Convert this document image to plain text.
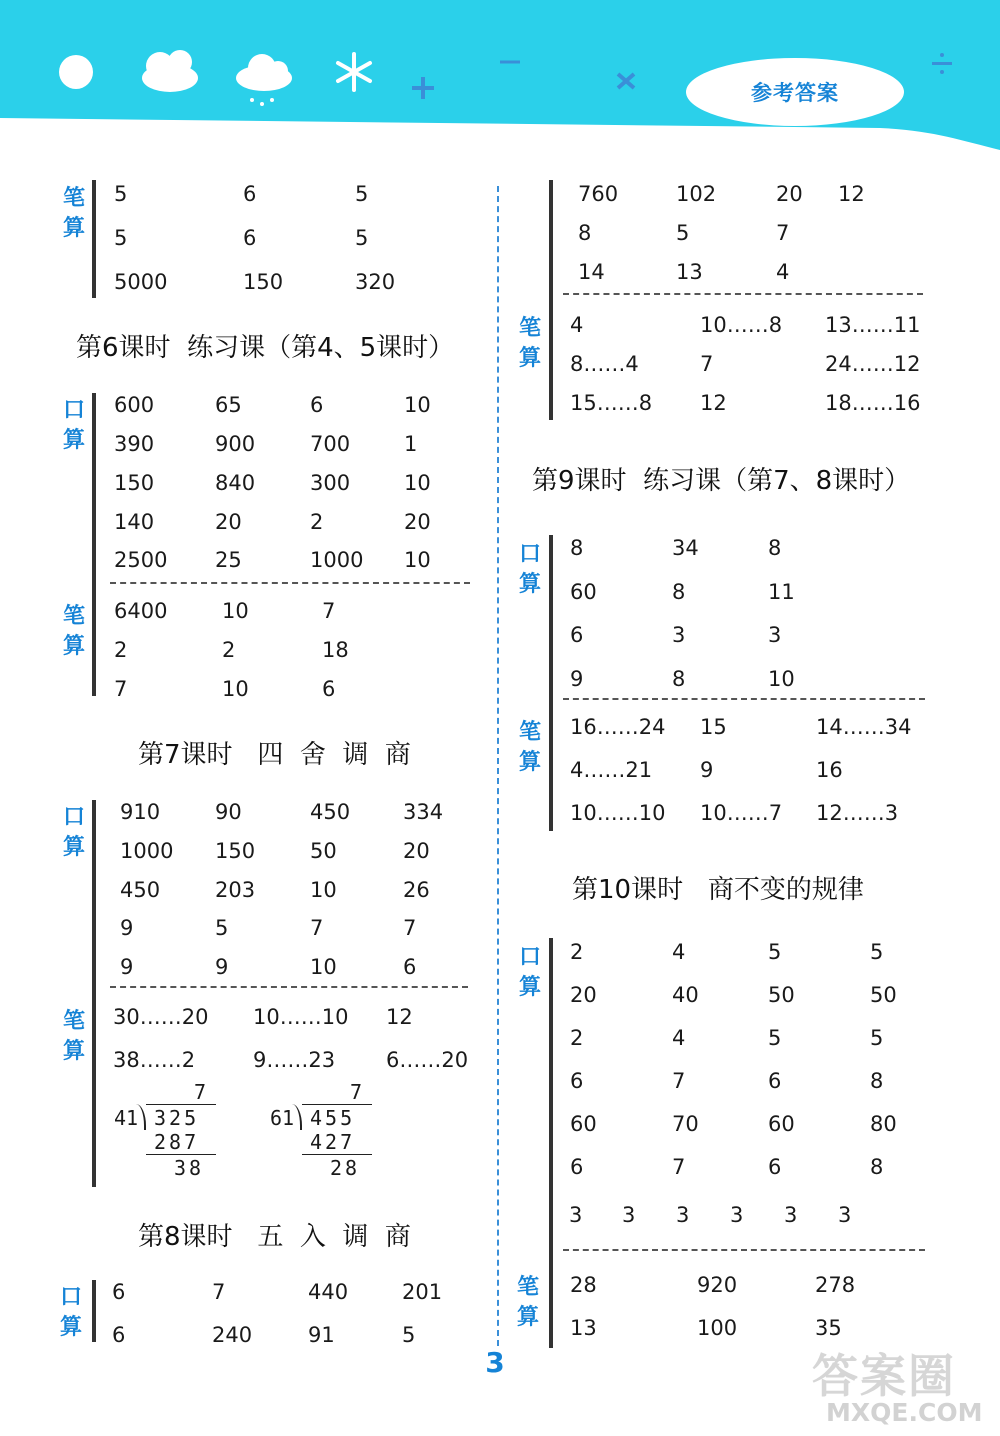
参考答案
3	答案圈
MXQE.COM
笔算
5	6	5
5	6	5
5000	150	320
第6课时  练习课（第4、5课时）
口算
笔算
600	65	6	10
390	900	700	1
150	840	300	10
140	20	2	20
2500 25	1000 10
6400	10	7
2	2	18
7	10	6
第7课时   四  舍  调  商
口算
笔算
910	90	450	334
1000 150	50	20
450	203	10	26
9	5	7	7
9	9	10	6
30……20 10……10 12
38……2	9……23 6……20
7
41 325
287
38
7
61 455
427
28
第8课时   五  入  调  商
口算
6	7	440	201
6	240	91	5
760	102	20 12
8	5	7
14	13	4
笔算
4	10……8 13……11
8……4	7	24……12
15……8 12	18……16
第9课时  练习课（第7、8课时）
口算
笔算
8	34	8
60	8	11
6	3	3
9	8	10
16……24 15	14……34
4……21 9	16
10……10 10……7 12……3
第10课时   商不变的规律
口算
笔算
2	4	5	5
20	40	50	50
2	4	5	5
6	7	6	8
60	70	60	80
6	7	6	8
3 3 3 3 3 3
28	920	278
13	100	35
